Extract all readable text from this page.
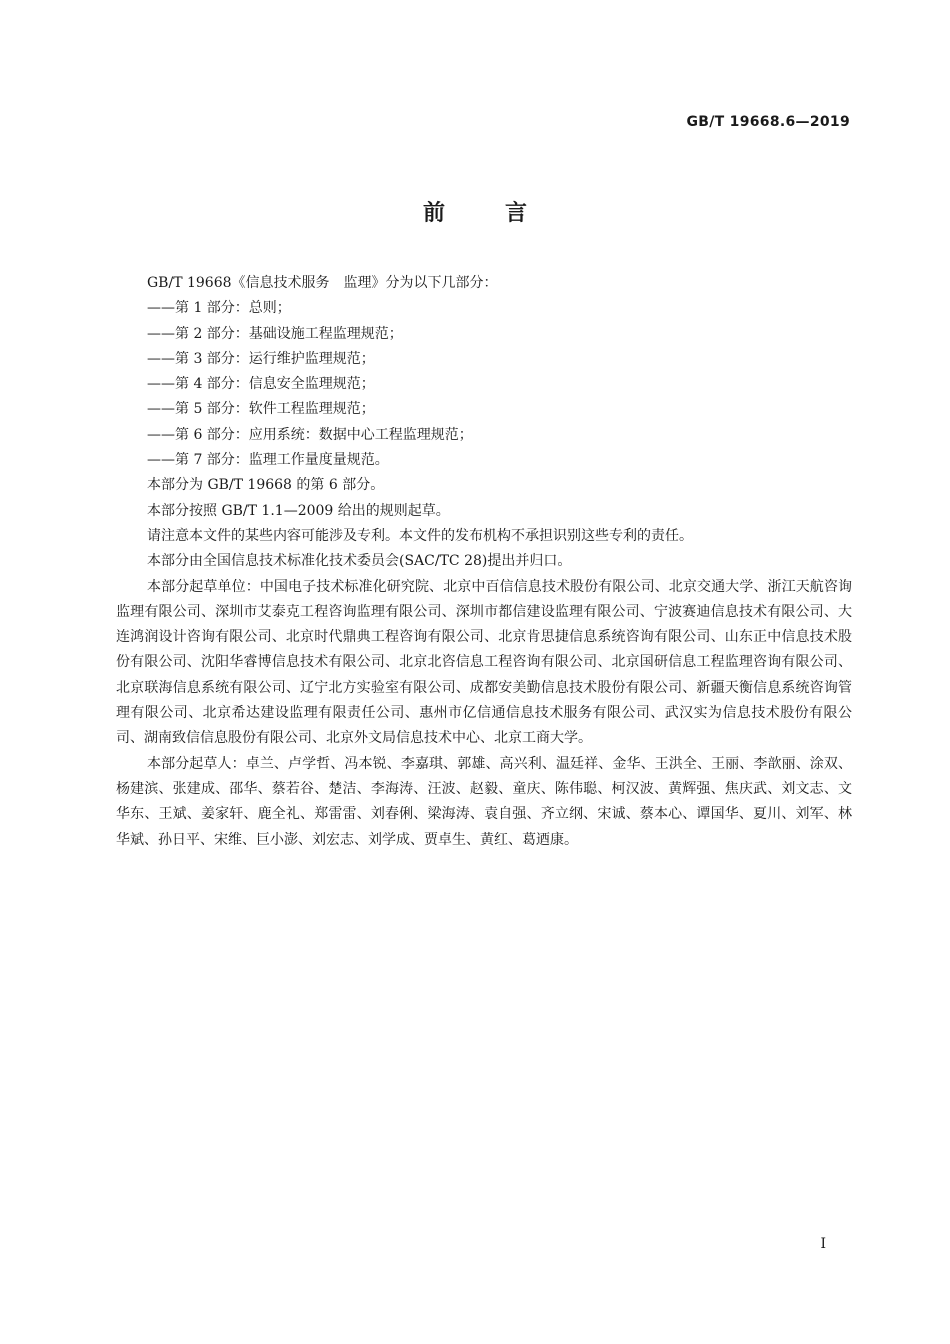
GB/T 19668.6—2019
前言

GB/T 19668《信息技术服务　监理》分为以下几部分：

——第 1 部分：总则；

——第 2 部分：基础设施工程监理规范；

——第 3 部分：运行维护监理规范；

——第 4 部分：信息安全监理规范；

——第 5 部分：软件工程监理规范；

——第 6 部分：应用系统：数据中心工程监理规范；

——第 7 部分：监理工作量度量规范。

本部分为 GB/T 19668 的第 6 部分。

本部分按照 GB/T 1.1—2009 给出的规则起草。

请注意本文件的某些内容可能涉及专利。本文件的发布机构不承担识别这些专利的责任。

本部分由全国信息技术标准化技术委员会(SAC/TC 28)提出并归口。

本部分起草单位：中国电子技术标准化研究院、北京中百信信息技术股份有限公司、北京交通大学、浙江天航咨询监理有限公司、深圳市艾泰克工程咨询监理有限公司、深圳市都信建设监理有限公司、宁波赛迪信息技术有限公司、大连鸿润设计咨询有限公司、北京时代鼎典工程咨询有限公司、北京肯思捷信息系统咨询有限公司、山东正中信息技术股份有限公司、沈阳华睿博信息技术有限公司、北京北咨信息工程咨询有限公司、北京国研信息工程监理咨询有限公司、北京联海信息系统有限公司、辽宁北方实验室有限公司、成都安美勤信息技术股份有限公司、新疆天衡信息系统咨询管理有限公司、北京希达建设监理有限责任公司、惠州市亿信通信息技术服务有限公司、武汉实为信息技术股份有限公司、湖南致信信息股份有限公司、北京外文局信息技术中心、北京工商大学。

本部分起草人：卓兰、卢学哲、冯本锐、李嘉琪、郭雄、高兴利、温廷祥、金华、王洪全、王丽、李歆丽、涂双、杨建滨、张建成、邵华、蔡若谷、楚洁、李海涛、汪波、赵毅、童庆、陈伟聪、柯汉波、黄辉强、焦庆武、刘文志、文华东、王斌、姜家轩、鹿全礼、郑雷雷、刘春俐、梁海涛、袁自强、齐立纲、宋诚、蔡本心、谭国华、夏川、刘军、林华斌、孙日平、宋维、巨小澎、刘宏志、刘学成、贾卓生、黄红、葛迺康。

I
